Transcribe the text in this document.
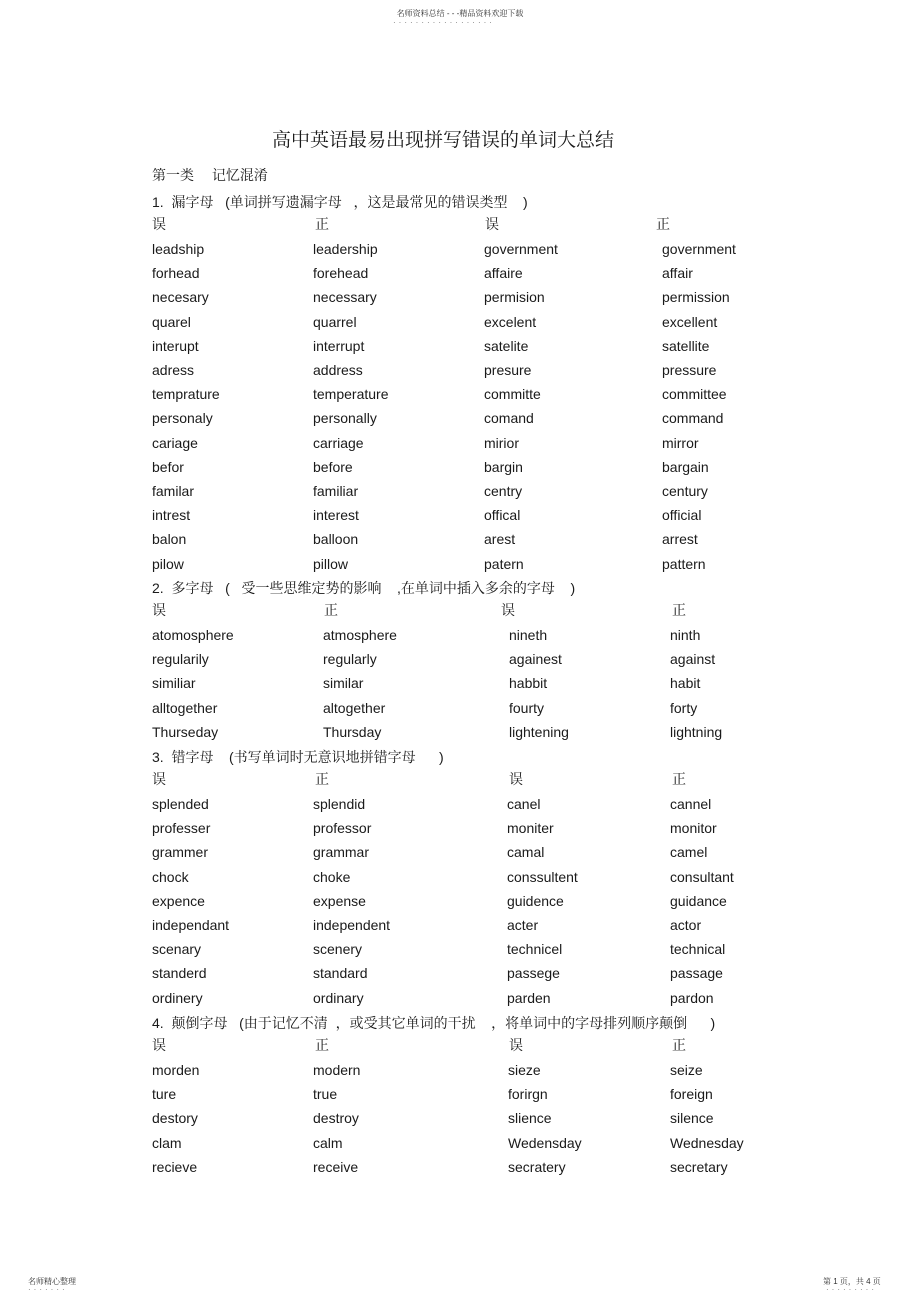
名师资料总结 - - -精品资料欢迎下载
··················
高中英语最易出现拼写错误的单词大总结
第一类　 记忆混淆
1.  漏字母   (单词拼写遗漏字母   ，这是最常见的错误类型    )
误	正	误	正
leadship	leadership	government	government
forhead	forehead	affaire	affair
necesary	necessary	permision	permission
quarel	quarrel	excelent	excellent
interupt	interrupt	satelite	satellite
adress	address	presure	pressure
temprature	temperature	committe	committee
personaly	personally	comand	command
cariage	carriage	mirior	mirror
befor	before	bargin	bargain
familar	familiar	centry	century
intrest	interest	offical	official
balon	balloon	arest	arrest
pilow	pillow	patern	pattern
2.  多字母   (   受一些思维定势的影响    ,在单词中插入多余的字母    )
误	正	误	正
atomosphere	atmosphere	nineth	ninth
regularily	regularly	againest	against
similiar	similar	habbit	habit
alltogether	altogether	fourty	forty
Thurseday	Thursday	lightening	lightning
3.  错字母    (书写单词时无意识地拼错字母      )
误	正	误	正
splended	splendid	canel	cannel
professer	professor	moniter	monitor
grammer	grammar	camal	camel
chock	choke	conssultent	consultant
expence	expense	guidence	guidance
independant	independent	acter	actor
scenary	scenery	technicel	technical
standerd	standard	passege	passage
ordinery	ordinary	parden	pardon
4.  颠倒字母   (由于记忆不清  ，或受其它单词的干扰    ，将单词中的字母排列顺序颠倒      )
误	正	误	正
morden	modern	sieze	seize
ture	true	forirgn	foreign
destory	destroy	slience	silence
clam	calm	Wedensday	Wednesday
recieve	receive	secratery	secretary
名师精心整理
·······
第 1 页，共 4 页
·········
